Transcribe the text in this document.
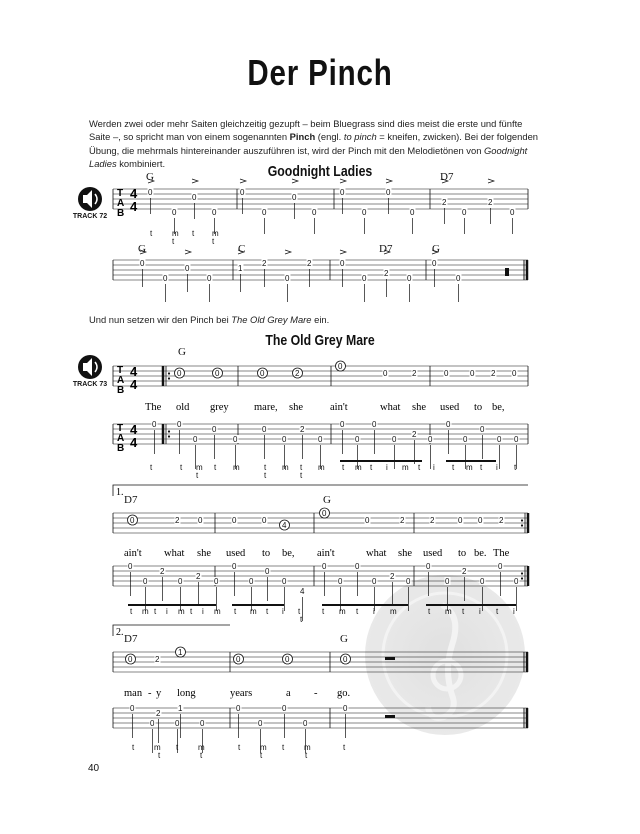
Der Pinch
Werden zwei oder mehr Saiten gleichzeitig gezupft – beim Bluegrass sind dies meist die erste und fünfte Saite –, so spricht man von einem sogenannten Pinch (engl. to pinch = kneifen, zwicken). Bei der folgenden Übung, die mehrmals hintereinander auszuführen ist, wird der Pinch mit den Melodietönen von Goodnight Ladies kombiniert.	Goodnight Ladies
Und nun setzen wir den Pinch bei The Old Grey Mare ein.
The Old Grey Mare
TRACK 72
TRACK 73
40
0
0
0
0
0
0
0
0
0
0
0
0
2
0
2
0
t m t m
t	t
0
0
0
0
1
2
0
2	0
0
2
0
0
0
0	0	0	2
0
0	2	0	0 2 0
0	0
0
0
0
0
0
2
0
0
0
0
0
2
0
0
0
0
0 0
t	t m t m	t m t m t m t i m t i t m t i t
t	t	t
0	2 0	0	0
4
0
0	2	2	0 0 2
0
0
2
0
2
0
0
0
0
0
4
0
0
0
0
2
0
0
0
2
0
0
0
t m t i m t i m t m t i t	t m t i m	t m t i t i
t
0	2
1
0	0	0
0
0
2
0
1
0
0
0
0
0
0
t m t m	t m t m	t
t	t	t	t
T
A
B
4
4
T
A
B
4
4
T
A
B
4
4
G	D7
G	C	D7	G
G
D7	G
D7	G
1.
2.
The old grey mare, she	ain't	what she used to be,
ain't what she used to be, ain't	what she used to be. The
man - y long	years	a - go.
